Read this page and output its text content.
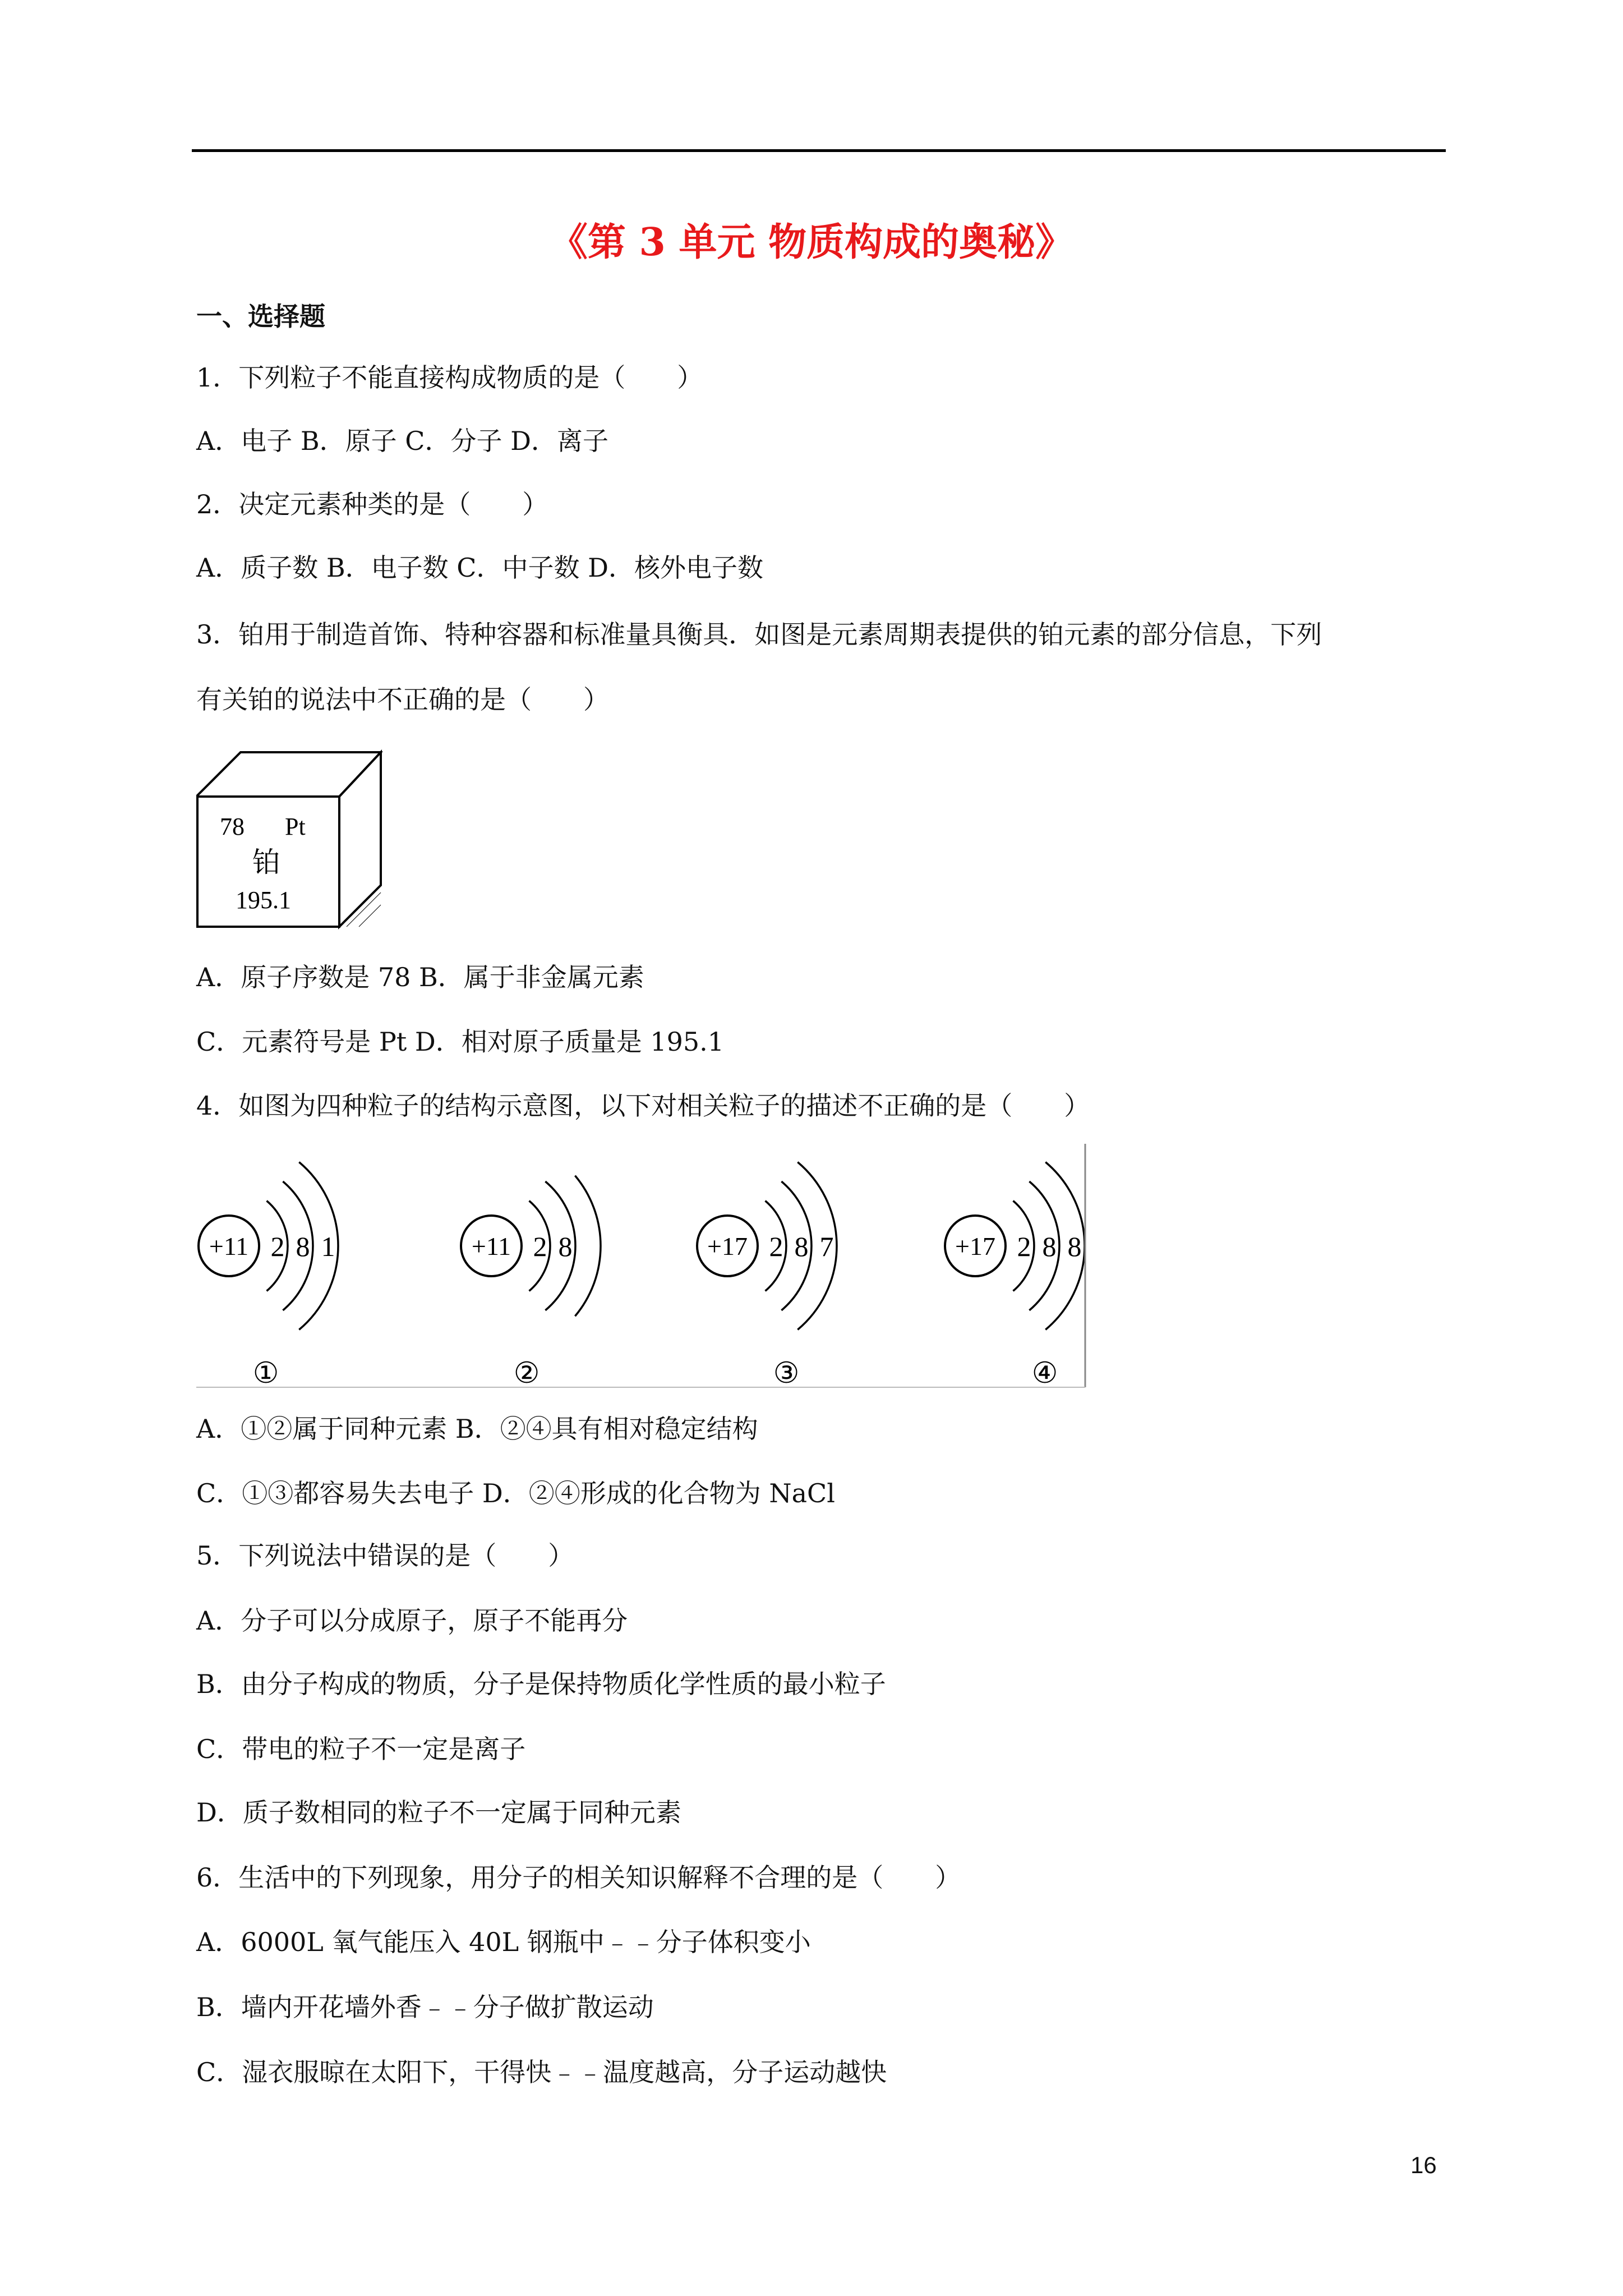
《第 3 单元 物质构成的奥秘》
一、选择题
1．下列粒子不能直接构成物质的是（　　）
A．电子 B．原子 C．分子 D．离子
2．决定元素种类的是（　　）
A．质子数 B．电子数 C．中子数 D．核外电子数
3．铂用于制造首饰、特种容器和标准量具衡具．如图是元素周期表提供的铂元素的部分信息，下列
有关铂的说法中不正确的是（　　）
78 Pt
铂
195.1
A．原子序数是 78 B．属于非金属元素
C．元素符号是 Pt D．相对原子质量是 195.1
4．如图为四种粒子的结构示意图，以下对相关粒子的描述不正确的是（　　）
+11 2 8 1
①
+11 2 8
②
+17 2 8 7
③
+17 2 8 8
④
A．①②属于同种元素 B．②④具有相对稳定结构
C．①③都容易失去电子 D．②④形成的化合物为 NaCl
5．下列说法中错误的是（　　）
A．分子可以分成原子，原子不能再分
B．由分子构成的物质，分子是保持物质化学性质的最小粒子
C．带电的粒子不一定是离子
D．质子数相同的粒子不一定属于同种元素
6．生活中的下列现象，用分子的相关知识解释不合理的是（　　）
A．6000L 氧气能压入 40L 钢瓶中﹣﹣分子体积变小
B．墙内开花墙外香﹣﹣分子做扩散运动
C．湿衣服晾在太阳下，干得快﹣﹣温度越高，分子运动越快
16
